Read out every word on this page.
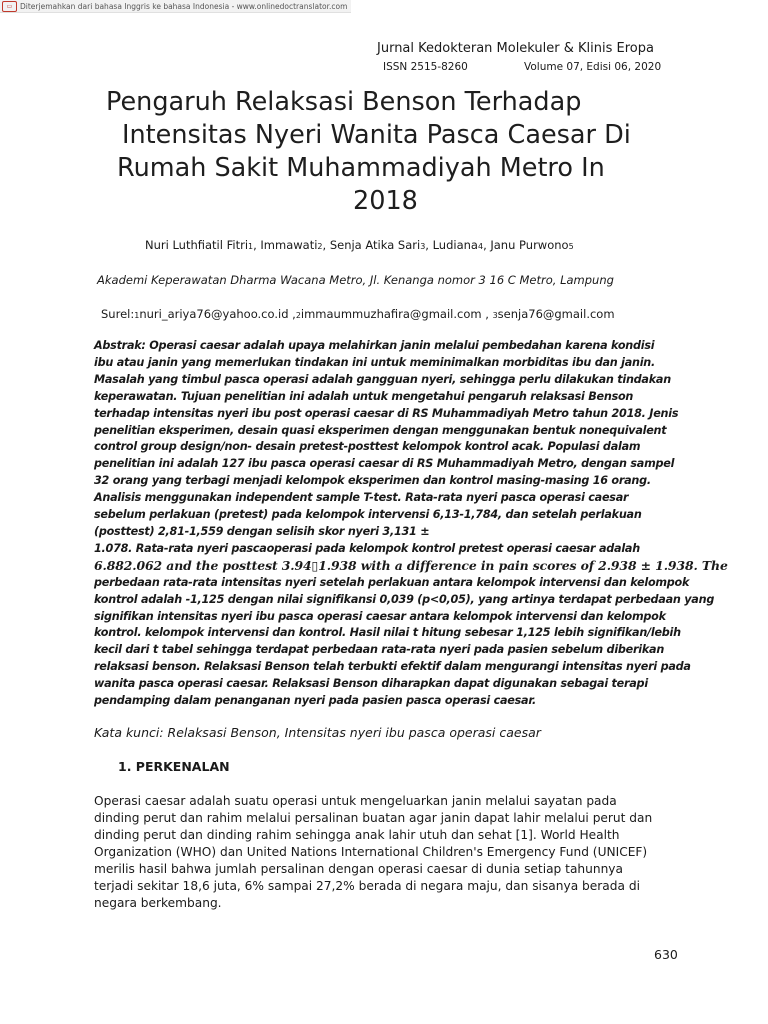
▭	Diterjemahkan dari bahasa Inggris ke bahasa Indonesia - www.onlinedoctranslator.com
Jurnal Kedokteran Molekuler & Klinis Eropa
ISSN 2515-8260	Volume 07, Edisi 06, 2020
Pengaruh Relaksasi Benson Terhadap
Intensitas Nyeri Wanita Pasca Caesar Di
Rumah Sakit Muhammadiyah Metro In
2018
Nuri Luthfiatil Fitri1, Immawati2, Senja Atika Sari3, Ludiana4, Janu Purwono5
Akademi Keperawatan Dharma Wacana Metro, Jl. Kenanga nomor 3 16 C Metro, Lampung
Surel:1nuri_ariya76@yahoo.co.id ,2immaummuzhafira@gmail.com , 3senja76@gmail.com
Abstrak: Operasi caesar adalah upaya melahirkan janin melalui pembedahan karena kondisi
ibu atau janin yang memerlukan tindakan ini untuk meminimalkan morbiditas ibu dan janin.
Masalah yang timbul pasca operasi adalah gangguan nyeri, sehingga perlu dilakukan tindakan
keperawatan. Tujuan penelitian ini adalah untuk mengetahui pengaruh relaksasi Benson
terhadap intensitas nyeri ibu post operasi caesar di RS Muhammadiyah Metro tahun 2018. Jenis
penelitian eksperimen, desain quasi eksperimen dengan menggunakan bentuk nonequivalent
control group design/non- desain pretest-posttest kelompok kontrol acak. Populasi dalam
penelitian ini adalah 127 ibu pasca operasi caesar di RS Muhammadiyah Metro, dengan sampel
32 orang yang terbagi menjadi kelompok eksperimen dan kontrol masing-masing 16 orang.
Analisis menggunakan independent sample T-test. Rata-rata nyeri pasca operasi caesar
sebelum perlakuan (pretest) pada kelompok intervensi 6,13-1,784, dan setelah perlakuan
(posttest) 2,81-1,559 dengan selisih skor nyeri 3,131 ±
1.078. Rata-rata nyeri pascaoperasi pada kelompok kontrol pretest operasi caesar adalah
6.882.062 and the posttest 3.94▯1.938 with a difference in pain scores of 2.938 ± 1.938. The
perbedaan rata-rata intensitas nyeri setelah perlakuan antara kelompok intervensi dan kelompok
kontrol adalah -1,125 dengan nilai signifikansi 0,039 (p<0,05), yang artinya terdapat perbedaan yang
signifikan intensitas nyeri ibu pasca operasi caesar antara kelompok intervensi dan kelompok
kontrol. kelompok intervensi dan kontrol. Hasil nilai t hitung sebesar 1,125 lebih signifikan/lebih
kecil dari t tabel sehingga terdapat perbedaan rata-rata nyeri pada pasien sebelum diberikan
relaksasi benson. Relaksasi Benson telah terbukti efektif dalam mengurangi intensitas nyeri pada
wanita pasca operasi caesar. Relaksasi Benson diharapkan dapat digunakan sebagai terapi
pendamping dalam penanganan nyeri pada pasien pasca operasi caesar.
Kata kunci: Relaksasi Benson, Intensitas nyeri ibu pasca operasi caesar
1. PERKENALAN
Operasi caesar adalah suatu operasi untuk mengeluarkan janin melalui sayatan pada
dinding perut dan rahim melalui persalinan buatan agar janin dapat lahir melalui perut dan
dinding perut dan dinding rahim sehingga anak lahir utuh dan sehat [1]. World Health
Organization (WHO) dan United Nations International Children's Emergency Fund (UNICEF)
merilis hasil bahwa jumlah persalinan dengan operasi caesar di dunia setiap tahunnya
terjadi sekitar 18,6 juta, 6% sampai 27,2% berada di negara maju, dan sisanya berada di
negara berkembang.
630
